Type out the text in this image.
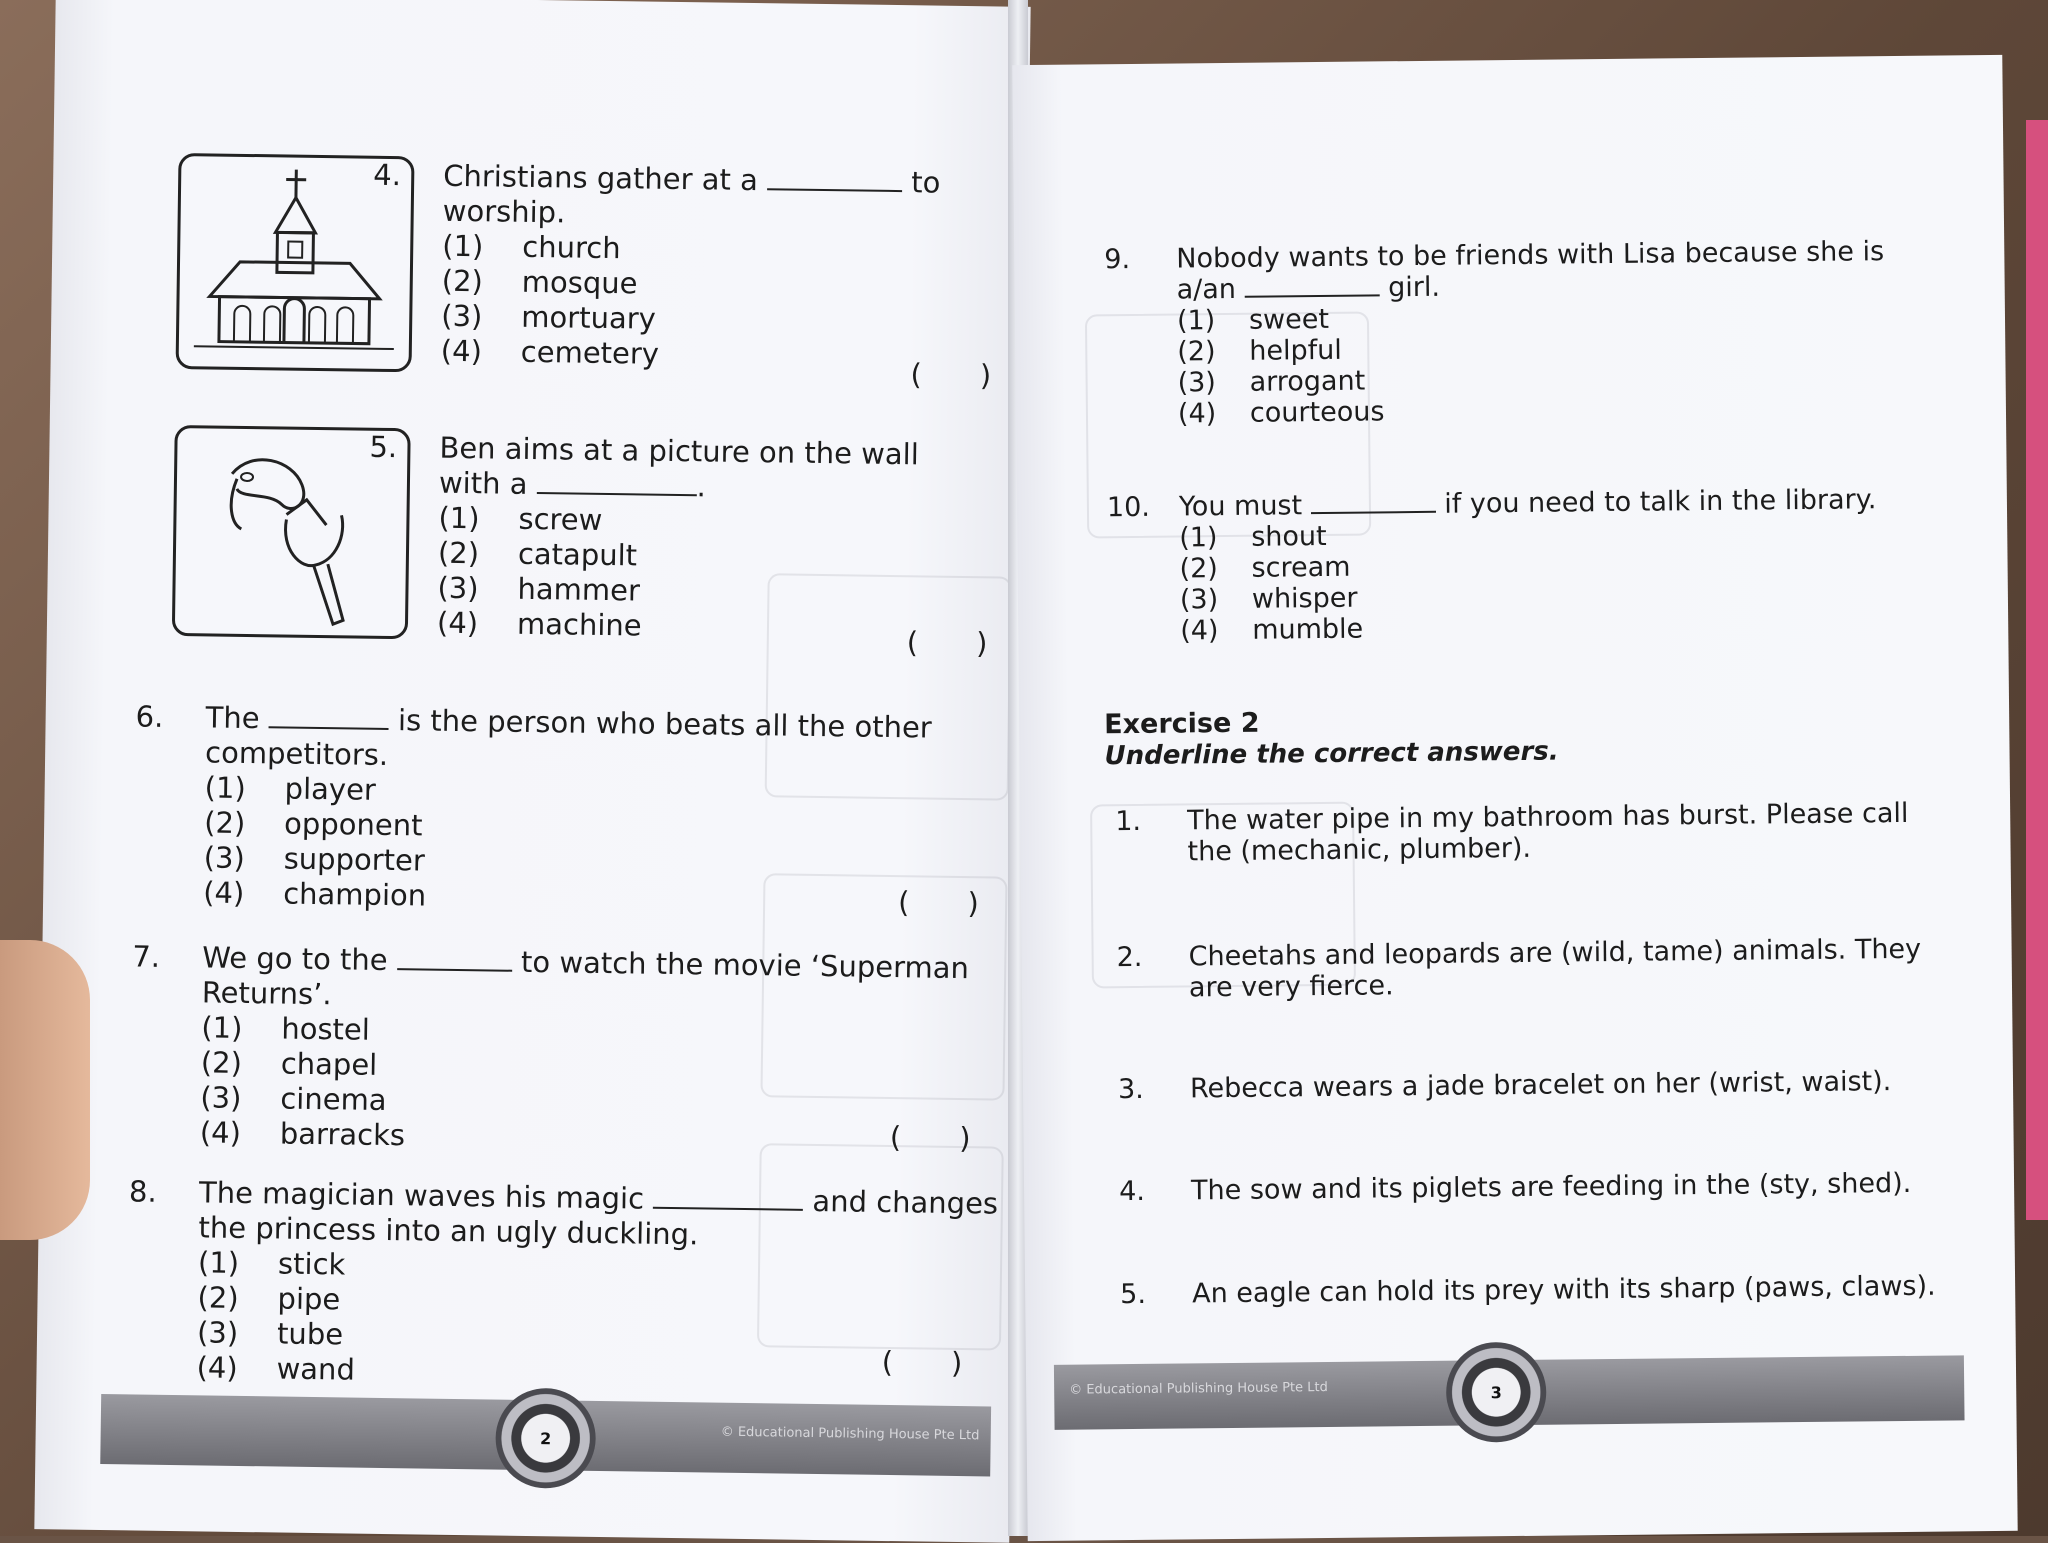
4. Christians gather at a	to
worship.
(1)	church
(2)	mosque
(3)	mortuary
(4)	cemetery
( )
5. Ben aims at a picture on the wall
with a	.
(1)	screw
(2)	catapult
(3)	hammer
(4)	machine	( )
6. The	is the person who beats all the other
competitors.
(1)	player
(2)	opponent
(3)	supporter
(4)	champion	( )
7. We go to the	to watch the movie ‘Superman
Returns’.
(1)	hostel
(2)	chapel
(3)	cinema
(4)	barracks	( )
8. The magician waves his magic	and changes
the princess into an ugly duckling.
(1)	stick
(2)	pipe
(3)	tube
(4)	wand	( )
© Educational Publishing House Pte Ltd
2
9. Nobody wants to be friends with Lisa because she is
a/an	girl.
(1)	sweet
(2)	helpful
(3)	arrogant
(4)	courteous
10. You must	if you need to talk in the library.
(1)	shout
(2)	scream
(3)	whisper
(4)	mumble
Exercise 2
Underline the correct answers.
1. The water pipe in my bathroom has burst. Please call
the (mechanic, plumber).
2. Cheetahs and leopards are (wild, tame) animals. They
are very fierce.
3. Rebecca wears a jade bracelet on her (wrist, waist).
4. The sow and its piglets are feeding in the (sty, shed).
5. An eagle can hold its prey with its sharp (paws, claws).
© Educational Publishing House Pte Ltd	3
